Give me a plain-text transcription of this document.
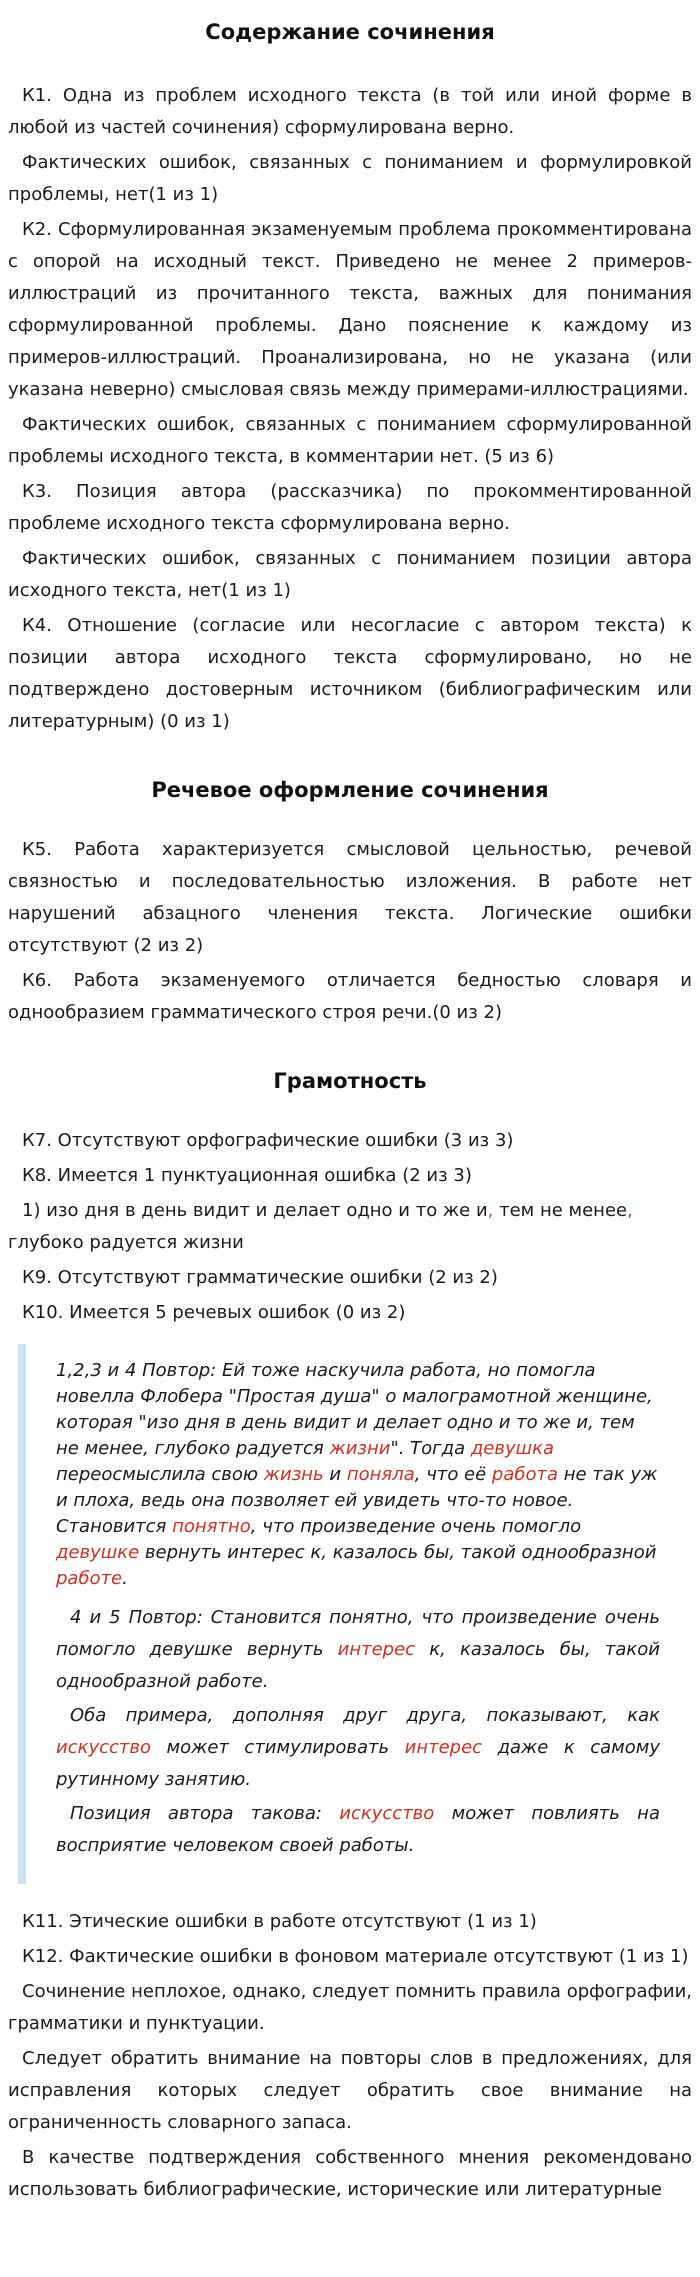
Содержание сочинения

К1. Одна из проблем исходного текста (в той или иной форме в любой из частей сочинения) сформулирована верно.

Фактических ошибок, связанных с пониманием и формулировкой проблемы, нет(1 из 1)

К2. Сформулированная экзаменуемым проблема прокомментирована с опорой на исходный текст. Приведено не менее 2 примеров-иллюстраций из прочитанного текста, важных для понимания сформулированной проблемы. Дано пояснение к каждому из примеров-иллюстраций. Проанализирована, но не указана (или указана неверно) смысловая связь между примерами-иллюстрациями.

Фактических ошибок, связанных с пониманием сформулированной проблемы исходного текста, в комментарии нет. (5 из 6)

К3. Позиция автора (рассказчика) по прокомментированной проблеме исходного текста сформулирована верно.

Фактических ошибок, связанных с пониманием позиции автора исходного текста, нет(1 из 1)

К4. Отношение (согласие или несогласие с автором текста) к позиции автора исходного текста сформулировано, но не подтверждено достоверным источником (библиографическим или литературным) (0 из 1)

Речевое оформление сочинения

К5. Работа характеризуется смысловой цельностью, речевой связностью и последовательностью изложения. В работе нет нарушений абзацного членения текста. Логические ошибки отсутствуют (2 из 2)

К6. Работа экзаменуемого отличается бедностью словаря и однообразием грамматического строя речи.(0 из 2)

Грамотность

К7. Отсутствуют орфографические ошибки (3 из 3)

К8. Имеется 1 пунктуационная ошибка (2 из 3)

1) изо дня в день видит и делает одно и то же и, тем не менее,
глубоко радуется жизни

К9. Отсутствуют грамматические ошибки (2 из 2)

К10. Имеется 5 речевых ошибок (0 из 2)

1,2,3 и 4 Повтор: Ей тоже наскучила работа, но помогла новелла Флобера "Простая душа" о малограмотной женщине, которая "изо дня в день видит и делает одно и то же и, тем не менее, глубоко радуется жизни". Тогда девушка переосмыслила свою жизнь и поняла, что её работа не так уж и плоха, ведь она позволяет ей увидеть что-то новое. Становится понятно, что произведение очень помогло девушке вернуть интерес к, казалось бы, такой однообразной работе.

4 и 5 Повтор: Становится понятно, что произведение очень помогло девушке вернуть интерес к, казалось бы, такой однообразной работе.

Оба примера, дополняя друг друга, показывают, как искусство может стимулировать интерес даже к самому рутинному занятию.

Позиция автора такова: искусство может повлиять на восприятие человеком своей работы.

К11. Этические ошибки в работе отсутствуют (1 из 1)

К12. Фактические ошибки в фоновом материале отсутствуют (1 из 1)

Сочинение неплохое, однако, следует помнить правила орфографии, грамматики и пунктуации.

Следует обратить внимание на повторы слов в предложениях, для исправления которых следует обратить свое внимание на ограниченность словарного запаса.

В качестве подтверждения собственного мнения рекомендовано использовать библиографические, исторические или литературные
